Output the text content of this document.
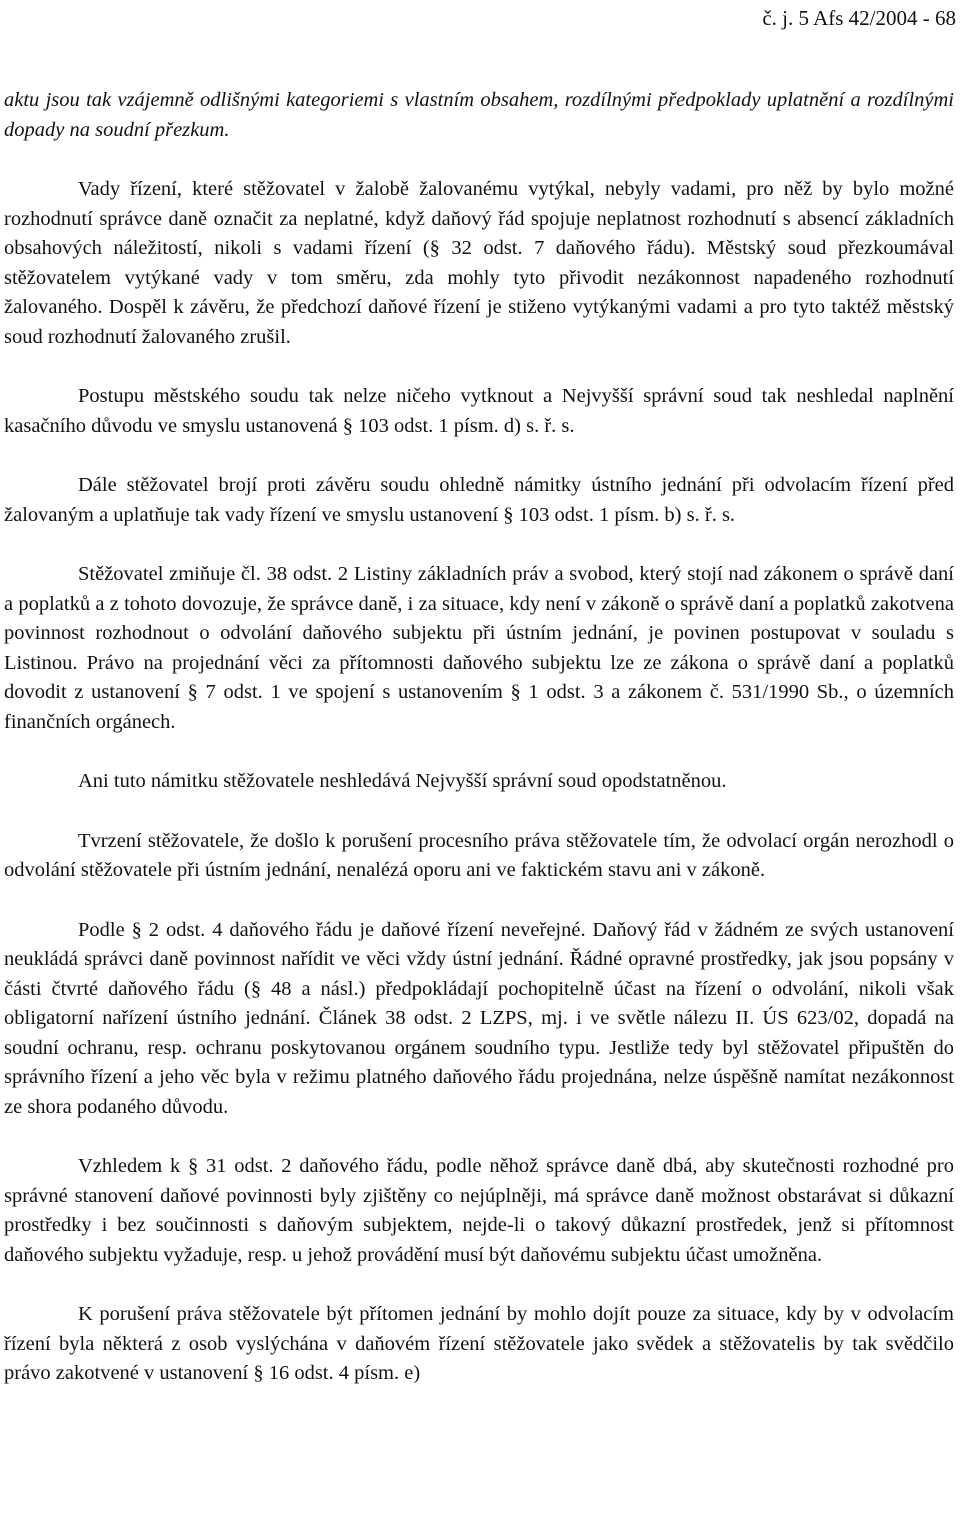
č. j. 5 Afs 42/2004 - 68

aktu jsou tak vzájemně odlišnými kategoriemi s vlastním obsahem, rozdílnými předpoklady uplatnění a rozdílnými dopady na soudní přezkum.

Vady řízení, které stěžovatel v žalobě žalovanému vytýkal, nebyly vadami, pro něž by bylo možné rozhodnutí správce daně označit za neplatné, když daňový řád spojuje neplatnost rozhodnutí s absencí základních obsahových náležitostí, nikoli s vadami řízení (§ 32 odst. 7 daňového řádu). Městský soud přezkoumával stěžovatelem vytýkané vady v tom směru, zda mohly tyto přivodit nezákonnost napadeného rozhodnutí žalovaného. Dospěl k závěru, že předchozí daňové řízení je stiženo vytýkanými vadami a pro tyto taktéž městský soud rozhodnutí žalovaného zrušil.

Postupu městského soudu tak nelze ničeho vytknout a Nejvyšší správní soud tak neshledal naplnění kasačního důvodu ve smyslu ustanovená § 103 odst. 1 písm. d) s. ř. s.

Dále stěžovatel brojí proti závěru soudu ohledně námitky ústního jednání při odvolacím řízení před žalovaným a uplatňuje tak vady řízení ve smyslu ustanovení § 103 odst. 1 písm. b) s. ř. s.

Stěžovatel zmiňuje čl. 38 odst. 2 Listiny základních práv a svobod, který stojí nad zákonem o správě daní a poplatků a z tohoto dovozuje, že správce daně, i za situace, kdy není v zákoně o správě daní a poplatků zakotvena povinnost rozhodnout o odvolání daňového subjektu při ústním jednání, je povinen postupovat v souladu s Listinou. Právo na projednání věci za přítomnosti daňového subjektu lze ze zákona o správě daní a poplatků dovodit z ustanovení § 7 odst. 1 ve spojení s ustanovením § 1 odst. 3 a zákonem č. 531/1990 Sb., o územních finančních orgánech.

Ani tuto námitku stěžovatele neshledává Nejvyšší správní soud opodstatněnou.

Tvrzení stěžovatele, že došlo k porušení procesního práva stěžovatele tím, že odvolací orgán nerozhodl o odvolání stěžovatele při ústním jednání, nenalézá oporu ani ve faktickém stavu ani v zákoně.

Podle § 2 odst. 4 daňového řádu je daňové řízení neveřejné. Daňový řád v žádném ze svých ustanovení neukládá správci daně povinnost nařídit ve věci vždy ústní jednání. Řádné opravné prostředky, jak jsou popsány v části čtvrté daňového řádu (§ 48 a násl.) předpokládají pochopitelně účast na řízení o odvolání, nikoli však obligatorní nařízení ústního jednání. Článek 38 odst. 2 LZPS, mj. i ve světle nálezu II. ÚS 623/02, dopadá na soudní ochranu, resp. ochranu poskytovanou orgánem soudního typu. Jestliže tedy byl stěžovatel připuštěn do správního řízení a jeho věc byla v režimu platného daňového řádu projednána, nelze úspěšně namítat nezákonnost ze shora podaného důvodu.

Vzhledem k § 31 odst. 2 daňového řádu, podle něhož správce daně dbá, aby skutečnosti rozhodné pro správné stanovení daňové povinnosti byly zjištěny co nejúplněji, má správce daně možnost obstarávat si důkazní prostředky i bez součinnosti s daňovým subjektem, nejde-li o takový důkazní prostředek, jenž si přítomnost daňového subjektu vyžaduje, resp. u jehož provádění musí být daňovému subjektu účast umožněna.

K porušení práva stěžovatele být přítomen jednání by mohlo dojít pouze za situace, kdy by v odvolacím řízení byla některá z osob vyslýchána v daňovém řízení stěžovatele jako svědek a stěžovatelis by tak svědčilo právo zakotvené v ustanovení § 16 odst. 4 písm. e)
